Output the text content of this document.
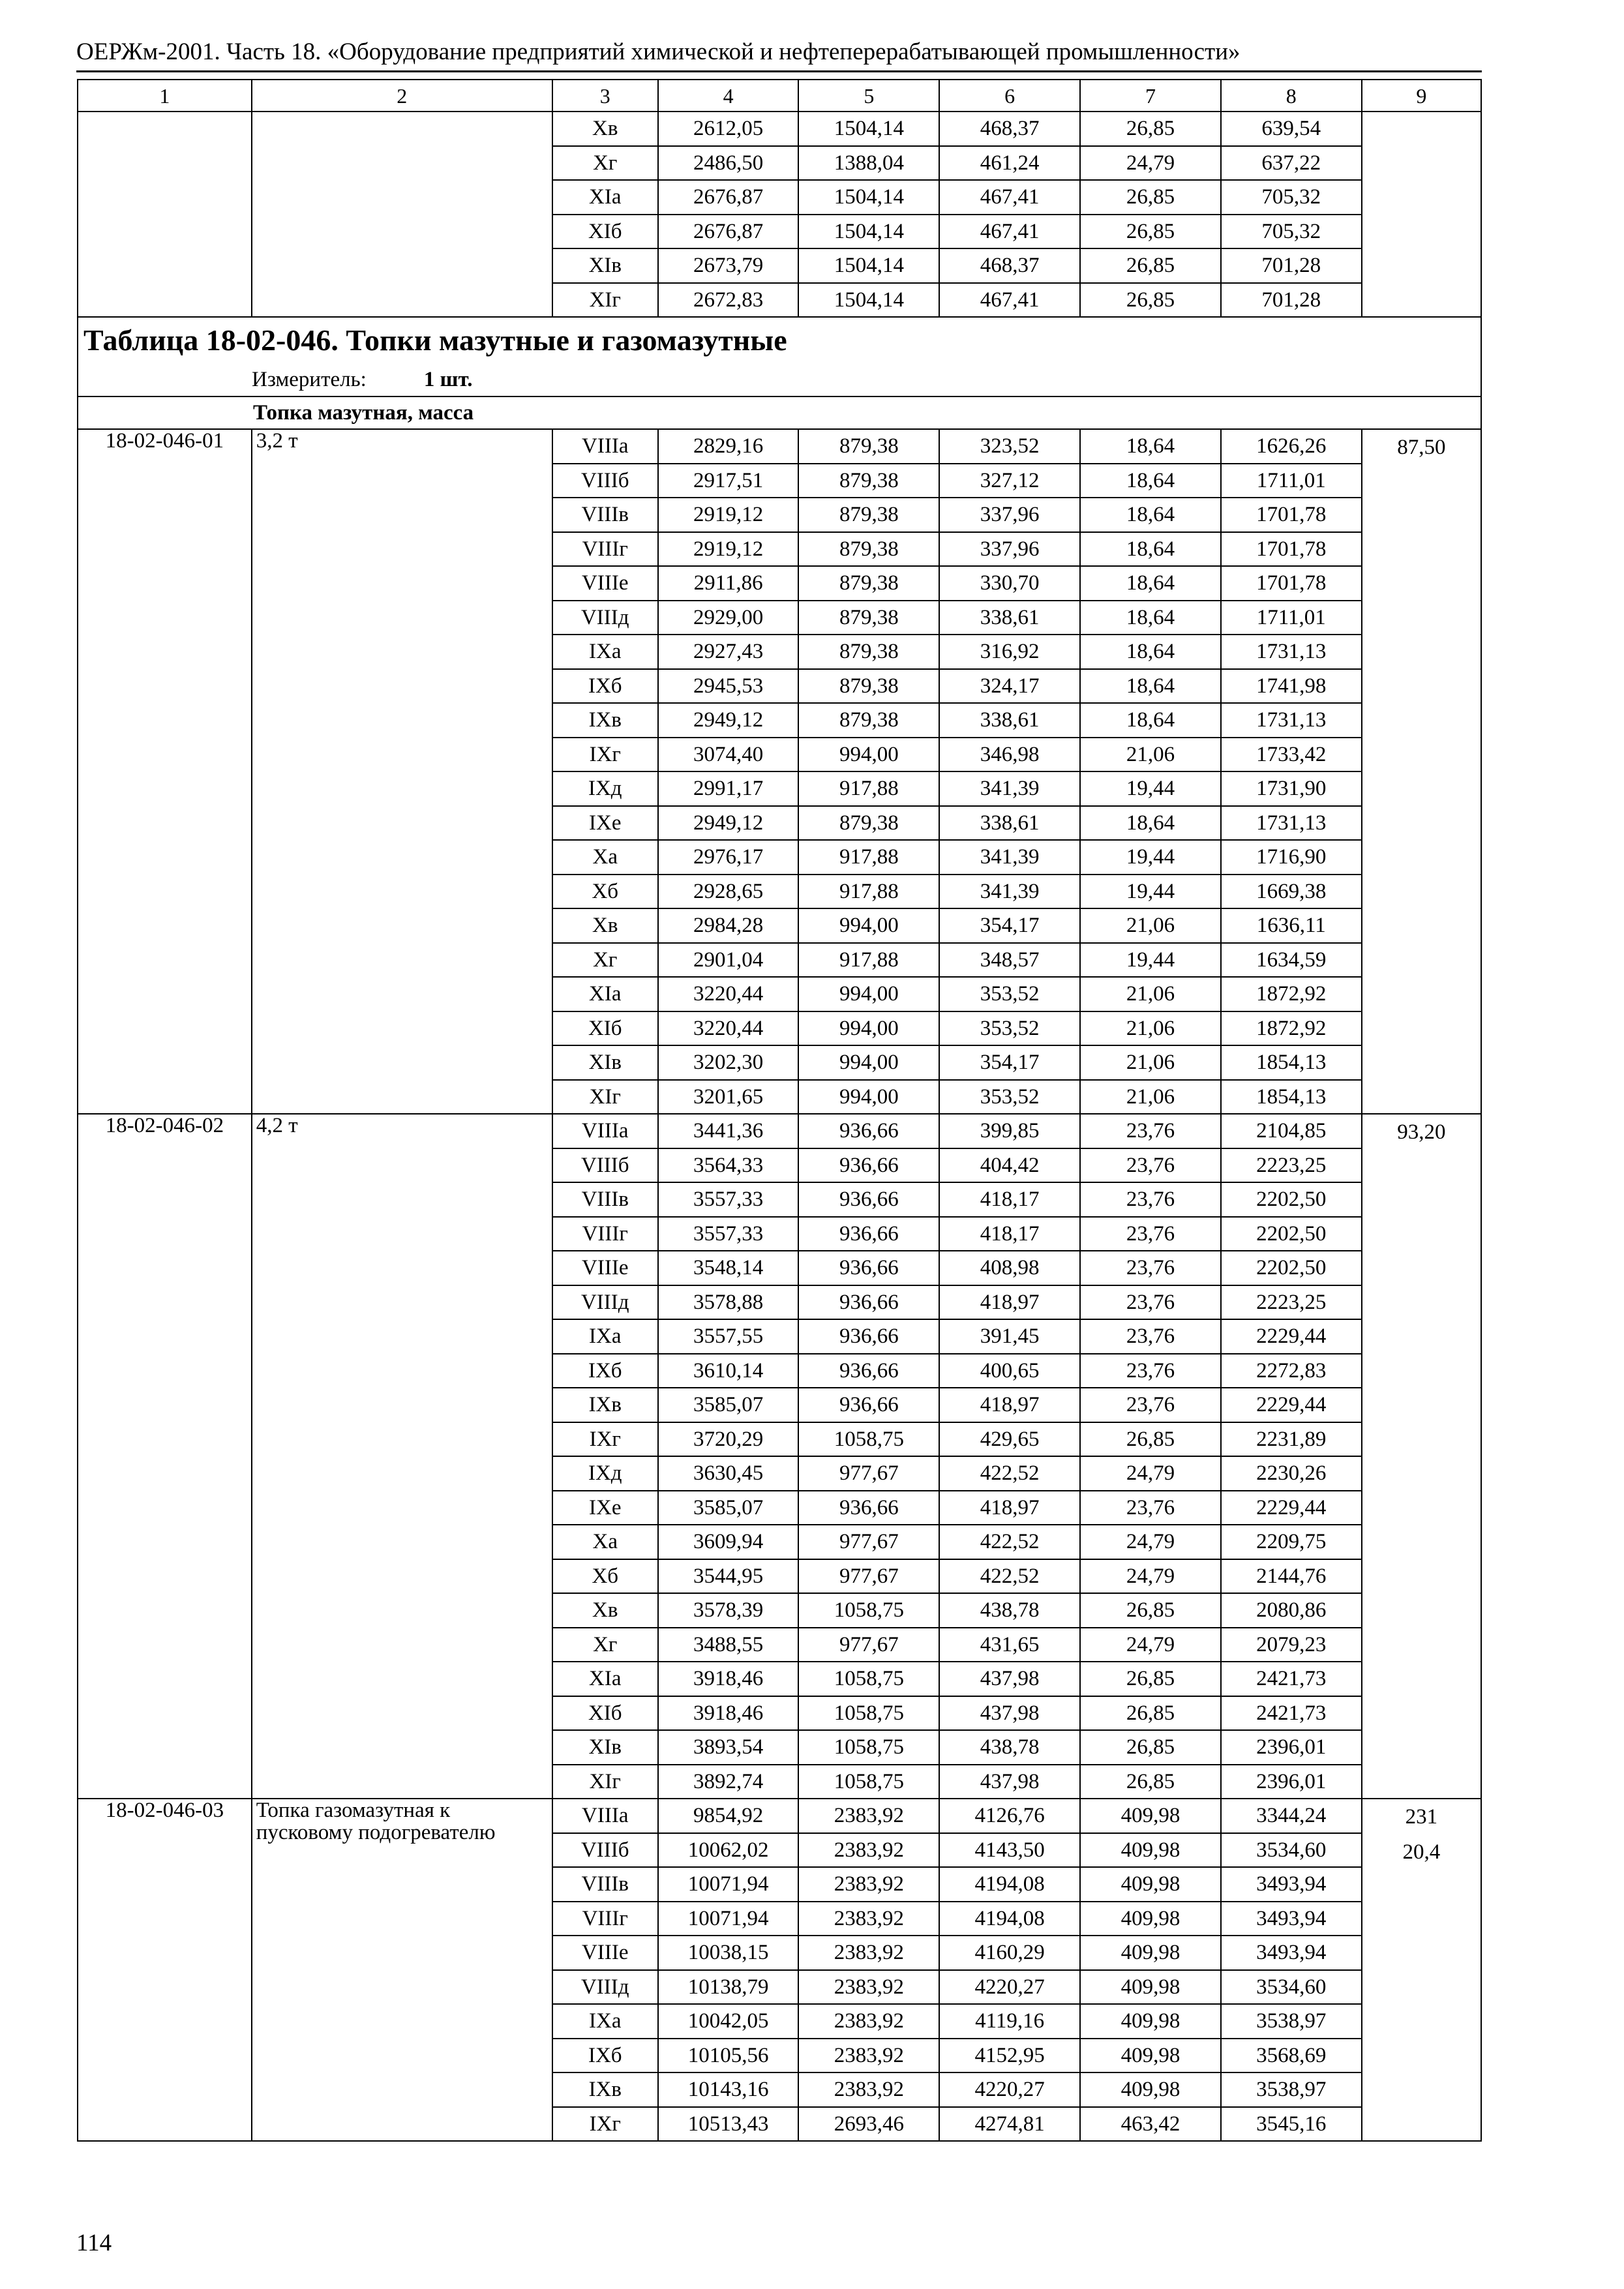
ОЕРЖм-2001. Часть 18. «Оборудование предприятий химической и нефтеперерабатывающей промышленности»
1	2	3	4	5	6	7	8	9
		Хв	2612,05	1504,14	468,37	26,85	639,54	
		Хг	2486,50	1388,04	461,24	24,79	637,22	
		ХIа	2676,87	1504,14	467,41	26,85	705,32	
		ХIб	2676,87	1504,14	467,41	26,85	705,32	
		ХIв	2673,79	1504,14	468,37	26,85	701,28	
		ХIг	2672,83	1504,14	467,41	26,85	701,28	
Таблица 18-02-046. Топки мазутные и газомазутные								
Измеритель: 1 шт.								
Топка мазутная, масса								
18-02-046-01	3,2 т	VIIIа	2829,16	879,38	323,52	18,64	1626,26	87,50

		VIIIб	2917,51	879,38	327,12	18,64	1711,01	
		VIIIв	2919,12	879,38	337,96	18,64	1701,78	
		VIIIг	2919,12	879,38	337,96	18,64	1701,78	
		VIIIе	2911,86	879,38	330,70	18,64	1701,78	
		VIIIд	2929,00	879,38	338,61	18,64	1711,01	
		IХа	2927,43	879,38	316,92	18,64	1731,13	
		IХб	2945,53	879,38	324,17	18,64	1741,98	
		IХв	2949,12	879,38	338,61	18,64	1731,13	
		IХг	3074,40	994,00	346,98	21,06	1733,42	
		IХд	2991,17	917,88	341,39	19,44	1731,90	
		IХе	2949,12	879,38	338,61	18,64	1731,13	
		Ха	2976,17	917,88	341,39	19,44	1716,90	
		Хб	2928,65	917,88	341,39	19,44	1669,38	
		Хв	2984,28	994,00	354,17	21,06	1636,11	
		Хг	2901,04	917,88	348,57	19,44	1634,59	
		ХIа	3220,44	994,00	353,52	21,06	1872,92	
		ХIб	3220,44	994,00	353,52	21,06	1872,92	
		ХIв	3202,30	994,00	354,17	21,06	1854,13	
		ХIг	3201,65	994,00	353,52	21,06	1854,13	
18-02-046-02	4,2 т	VIIIа	3441,36	936,66	399,85	23,76	2104,85	93,20

		VIIIб	3564,33	936,66	404,42	23,76	2223,25	
		VIIIв	3557,33	936,66	418,17	23,76	2202,50	
		VIIIг	3557,33	936,66	418,17	23,76	2202,50	
		VIIIе	3548,14	936,66	408,98	23,76	2202,50	
		VIIIд	3578,88	936,66	418,97	23,76	2223,25	
		IХа	3557,55	936,66	391,45	23,76	2229,44	
		IХб	3610,14	936,66	400,65	23,76	2272,83	
		IХв	3585,07	936,66	418,97	23,76	2229,44	
		IХг	3720,29	1058,75	429,65	26,85	2231,89	
		IХд	3630,45	977,67	422,52	24,79	2230,26	
		IХе	3585,07	936,66	418,97	23,76	2229,44	
		Ха	3609,94	977,67	422,52	24,79	2209,75	
		Хб	3544,95	977,67	422,52	24,79	2144,76	
		Хв	3578,39	1058,75	438,78	26,85	2080,86	
		Хг	3488,55	977,67	431,65	24,79	2079,23	
		ХIа	3918,46	1058,75	437,98	26,85	2421,73	
		ХIб	3918,46	1058,75	437,98	26,85	2421,73	
		ХIв	3893,54	1058,75	438,78	26,85	2396,01	
		ХIг	3892,74	1058,75	437,98	26,85	2396,01	
18-02-046-03	Топка газомазутная к пусковому подогревателю	VIIIа	9854,92	2383,92	4126,76	409,98	3344,24	231
20,4

		VIIIб	10062,02	2383,92	4143,50	409,98	3534,60	
		VIIIв	10071,94	2383,92	4194,08	409,98	3493,94	
		VIIIг	10071,94	2383,92	4194,08	409,98	3493,94	
		VIIIе	10038,15	2383,92	4160,29	409,98	3493,94	
		VIIIд	10138,79	2383,92	4220,27	409,98	3534,60	
		IХа	10042,05	2383,92	4119,16	409,98	3538,97	
		IХб	10105,56	2383,92	4152,95	409,98	3568,69	
		IХв	10143,16	2383,92	4220,27	409,98	3538,97	
		IХг	10513,43	2693,46	4274,81	463,42	3545,16	
114
